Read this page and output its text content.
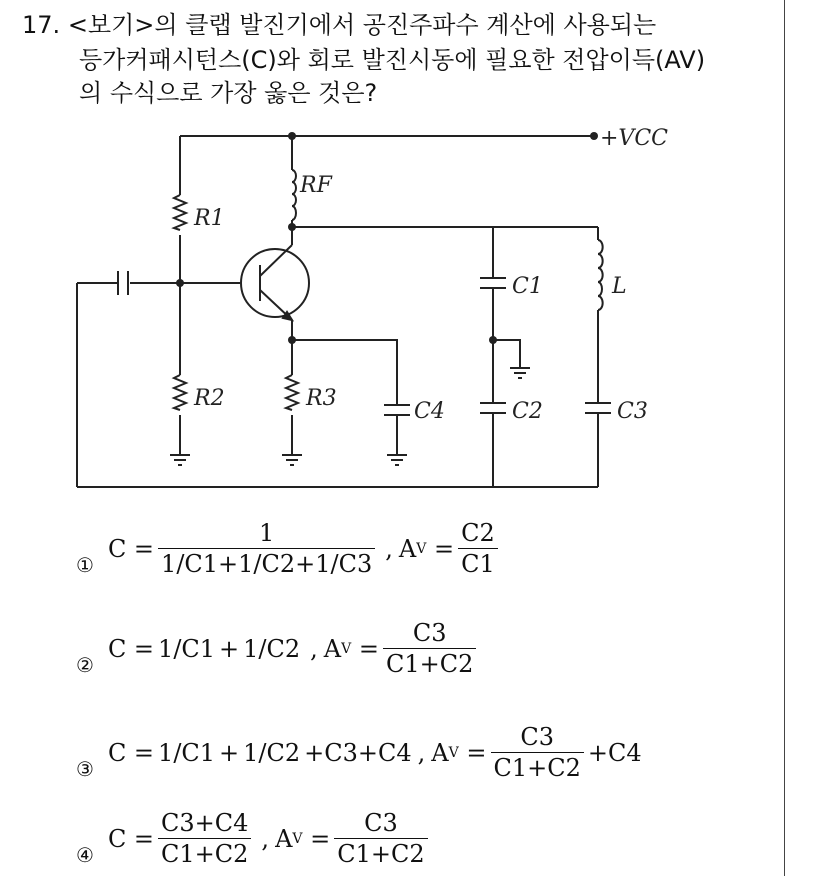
17. <보기>의 클랩 발진기에서 공진주파수 계산에 사용되는
등가커패시턴스(C)와 회로 발진시동에 필요한 전압이득(AV)
의 수식으로 가장 옳은 것은?
+VCC
RF
R1
R2	R3
C4
C1
C2	C3
L
①
$C = \frac{1}{1/C1+1/C2+1/C3}$ , A $V = \frac{C2}{C1}$
②
C = 1/C1 + 1/C2 , A $V = \frac{C3}{C1+C2}$
③
C = 1/C1 + 1/C2 +C3+C4 , A $V = \frac{C3}{C1+C2} +C4$
④
$C = \frac{C3+C4}{C1+C2}$ , A $V = \frac{C3}{C1+C2}$
